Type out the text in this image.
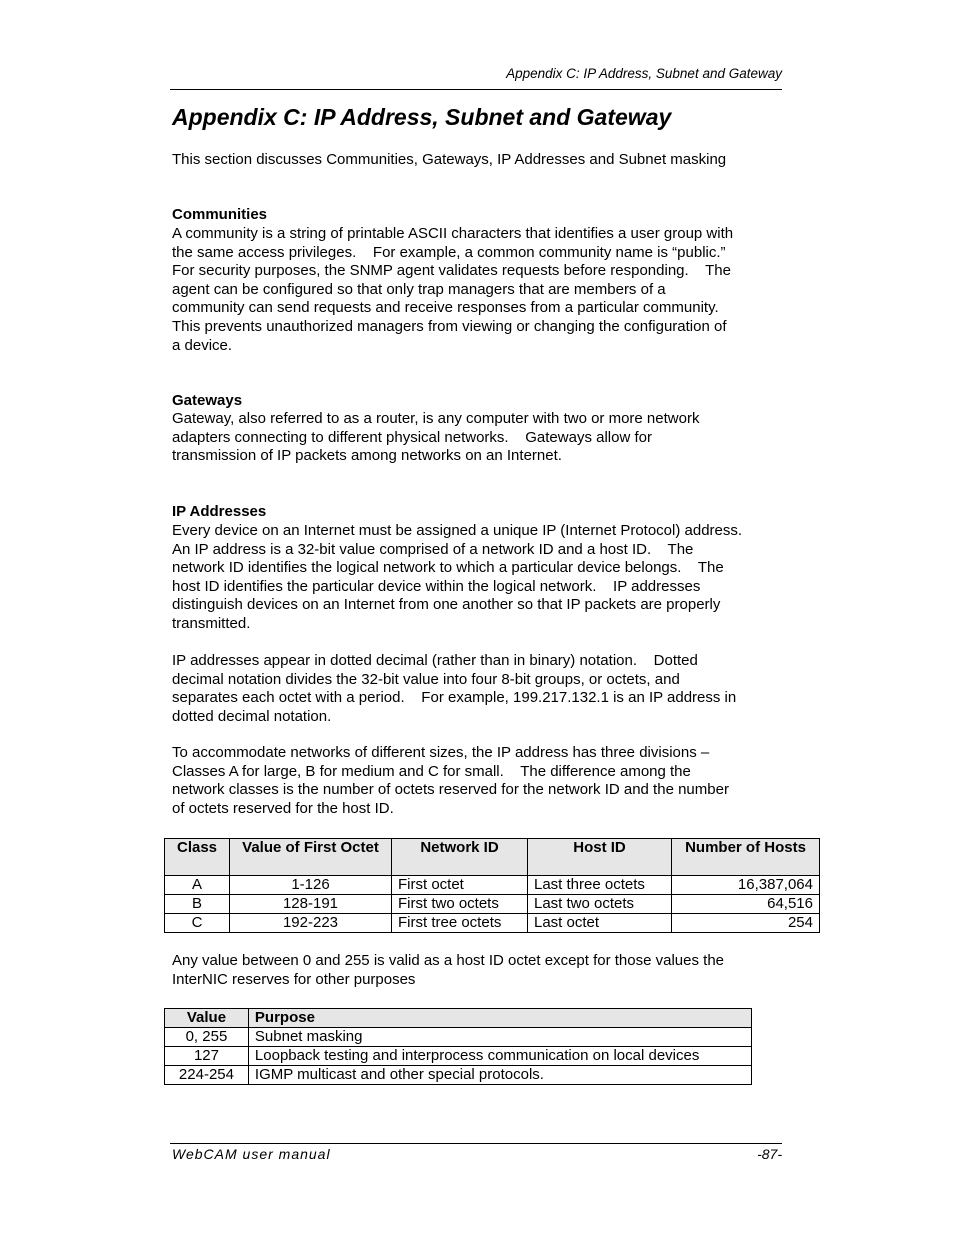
Appendix C: IP Address, Subnet and Gateway
Appendix C: IP Address, Subnet and Gateway

This section discusses Communities, Gateways, IP Addresses and Subnet masking

Communities

A community is a string of printable ASCII characters that identifies a user group with
the same access privileges.    For example, a common community name is “public.”
For security purposes, the SNMP agent validates requests before responding.    The
agent can be configured so that only trap managers that are members of a
community can send requests and receive responses from a particular community.
This prevents unauthorized managers from viewing or changing the configuration of
a device.

Gateways

Gateway, also referred to as a router, is any computer with two or more network
adapters connecting to different physical networks.    Gateways allow for
transmission of IP packets among networks on an Internet.

IP Addresses

Every device on an Internet must be assigned a unique IP (Internet Protocol) address.
An IP address is a 32-bit value comprised of a network ID and a host ID.    The
network ID identifies the logical network to which a particular device belongs.    The
host ID identifies the particular device within the logical network.    IP addresses
distinguish devices on an Internet from one another so that IP packets are properly
transmitted.

IP addresses appear in dotted decimal (rather than in binary) notation.    Dotted
decimal notation divides the 32-bit value into four 8-bit groups, or octets, and
separates each octet with a period.    For example, 199.217.132.1 is an IP address in
dotted decimal notation.

To accommodate networks of different sizes, the IP address has three divisions –
Classes A for large, B for medium and C for small.    The difference among the
network classes is the number of octets reserved for the network ID and the number
of octets reserved for the host ID.

Class	Value of First Octet	Network ID	Host ID	Number of Hosts
A	1-126	First octet	Last three octets	16,387,064
B	128-191	First two octets	Last two octets	64,516
C	192-223	First tree octets	Last octet	254

Any value between 0 and 255 is valid as a host ID octet except for those values the
InterNIC reserves for other purposes

Value	Purpose
0, 255	Subnet masking
127	Loopback testing and interprocess communication on local devices
224-254	IGMP multicast and other special protocols.
WebCAM user manual	-87-
